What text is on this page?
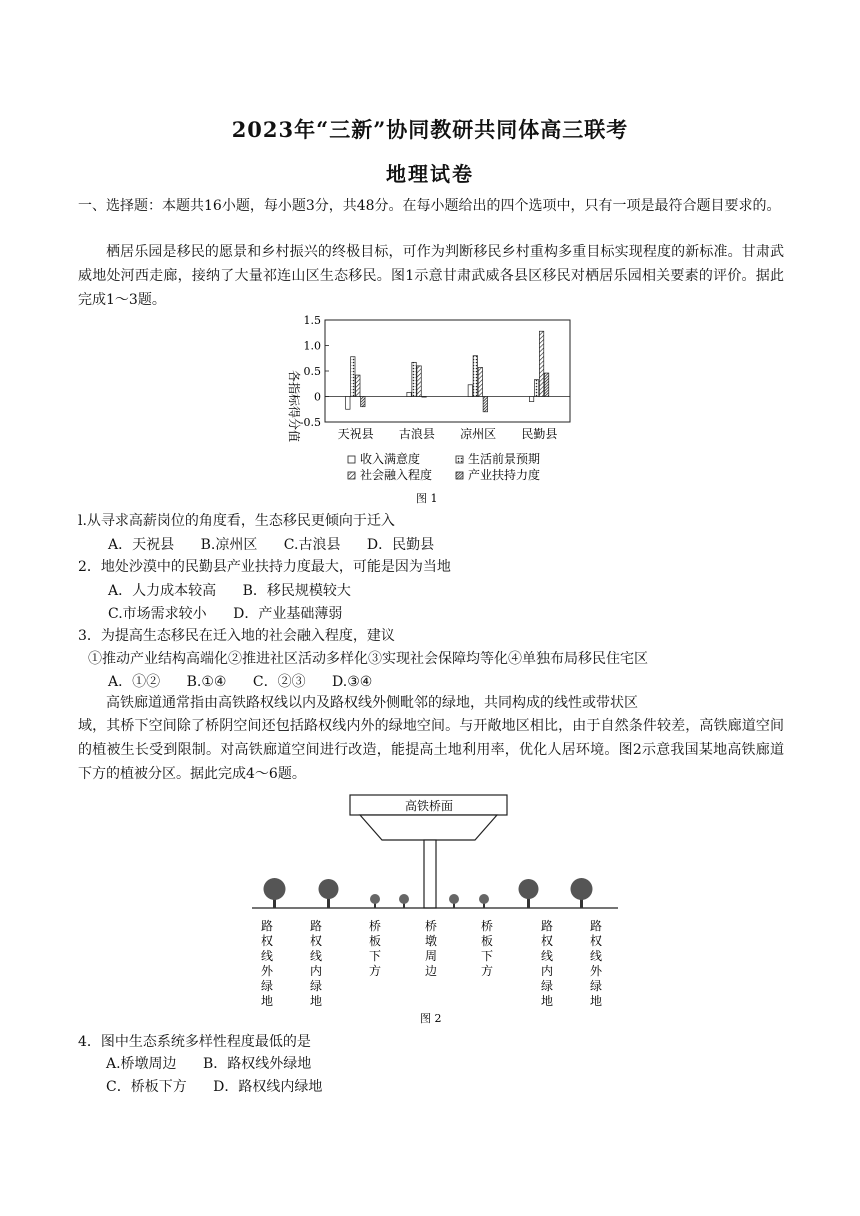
2023年“三新”协同教研共同体高三联考
地理试卷
一、选择题：本题共16小题，每小题3分，共48分。在每小题给出的四个选项中，只有一项是最符合题目要求的。
栖居乐园是移民的愿景和乡村振兴的终极目标，可作为判断移民乡村重构多重目标实现程度的新标准。甘肃武威地处河西走廊，接纳了大量祁连山区生态移民。图1示意甘肃武威各县区移民对栖居乐园相关要素的评价。据此完成1～3题。
1.5
1.0
0.5
0
-0.5
天祝县 古浪县 凉州区 民勤县
各指标得分值
收入满意度	生活前景预期
社会融入程度	产业扶持力度
图 1
l.从寻求高薪岗位的角度看，生态移民更倾向于迁入
A．天祝县 B.凉州区 C.古浪县 D．民勤县
2．地处沙漠中的民勤县产业扶持力度最大，可能是因为当地
A．人力成本较高 B．移民规模较大
C.市场需求较小 D．产业基础薄弱
3．为提高生态移民在迁入地的社会融入程度，建议
①推动产业结构高端化②推进社区活动多样化③实现社会保障均等化④单独布局移民住宅区
A．①② B.①④ C．②③ D.③④
高铁廊道通常指由高铁路权线以内及路权线外侧毗邻的绿地，共同构成的线性或带状区
域，其桥下空间除了桥阴空间还包括路权线内外的绿地空间。与开敞地区相比，由于自然条件较差，高铁廊道空间的植被生长受到限制。对高铁廊道空间进行改造，能提高土地利用率，优化人居环境。图2示意我国某地高铁廊道下方的植被分区。据此完成4～6题。
高铁桥面
路权线外绿地
路权线内绿地
桥板下方
桥墩周边
桥板下方
路权线内绿地
路权线外绿地
图 2
4．图中生态系统多样性程度最低的是
A.桥墩周边 B．路权线外绿地
C．桥板下方 D．路权线内绿地
